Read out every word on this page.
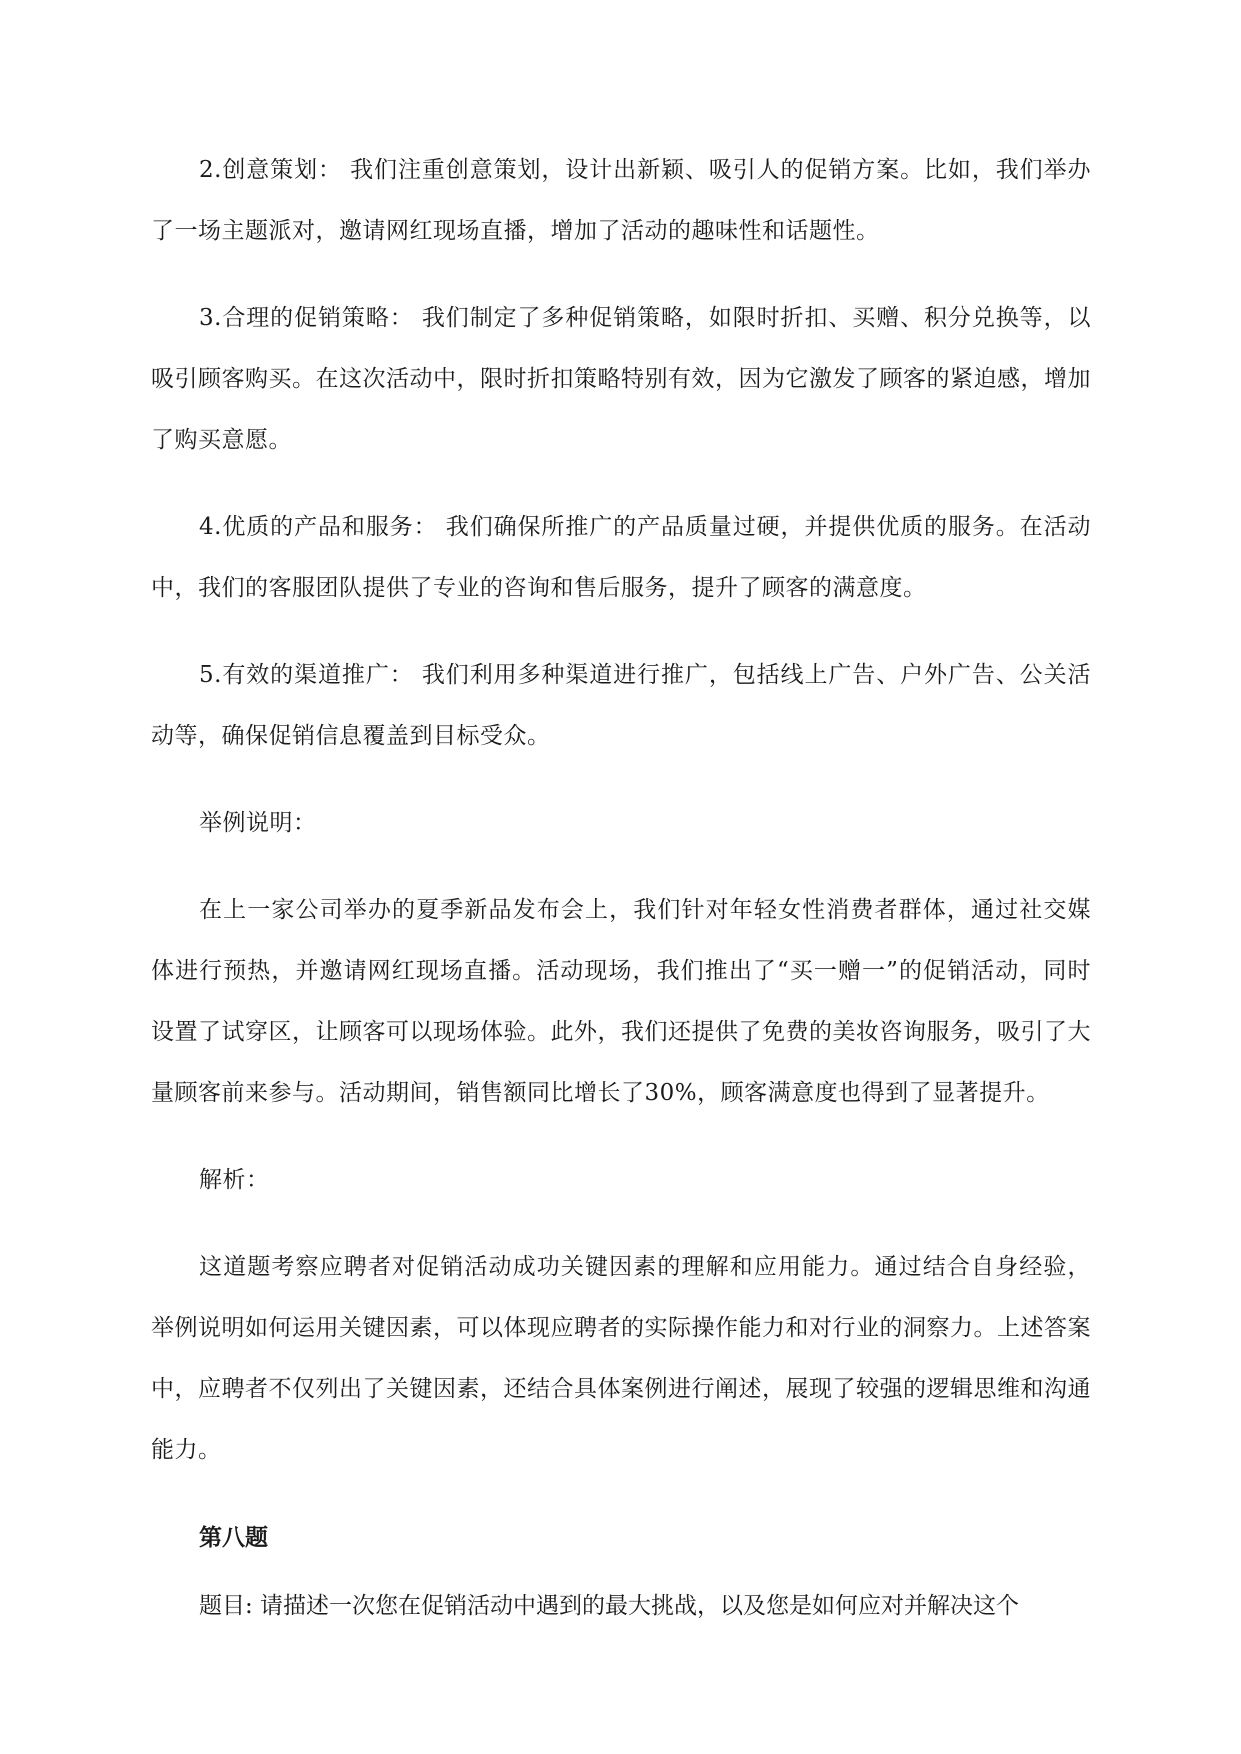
2.创意策划： 我们注重创意策划，设计出新颖、吸引人的促销方案。比如，我们举办了一场主题派对，邀请网红现场直播，增加了活动的趣味性和话题性。

3.合理的促销策略： 我们制定了多种促销策略，如限时折扣、买赠、积分兑换等，以吸引顾客购买。在这次活动中，限时折扣策略特别有效，因为它激发了顾客的紧迫感，增加了购买意愿。

4.优质的产品和服务： 我们确保所推广的产品质量过硬，并提供优质的服务。在活动中，我们的客服团队提供了专业的咨询和售后服务，提升了顾客的满意度。

5.有效的渠道推广： 我们利用多种渠道进行推广，包括线上广告、户外广告、公关活动等，确保促销信息覆盖到目标受众。

举例说明：

在上一家公司举办的夏季新品发布会上，我们针对年轻女性消费者群体，通过社交媒体进行预热，并邀请网红现场直播。活动现场，我们推出了“买一赠一”的促销活动，同时设置了试穿区，让顾客可以现场体验。此外，我们还提供了免费的美妆咨询服务，吸引了大量顾客前来参与。活动期间，销售额同比增长了30%，顾客满意度也得到了显著提升。

解析：

这道题考察应聘者对促销活动成功关键因素的理解和应用能力。通过结合自身经验，举例说明如何运用关键因素，可以体现应聘者的实际操作能力和对行业的洞察力。上述答案中，应聘者不仅列出了关键因素，还结合具体案例进行阐述，展现了较强的逻辑思维和沟通能力。

第八题

题目: 请描述一次您在促销活动中遇到的最大挑战，以及您是如何应对并解决这个
